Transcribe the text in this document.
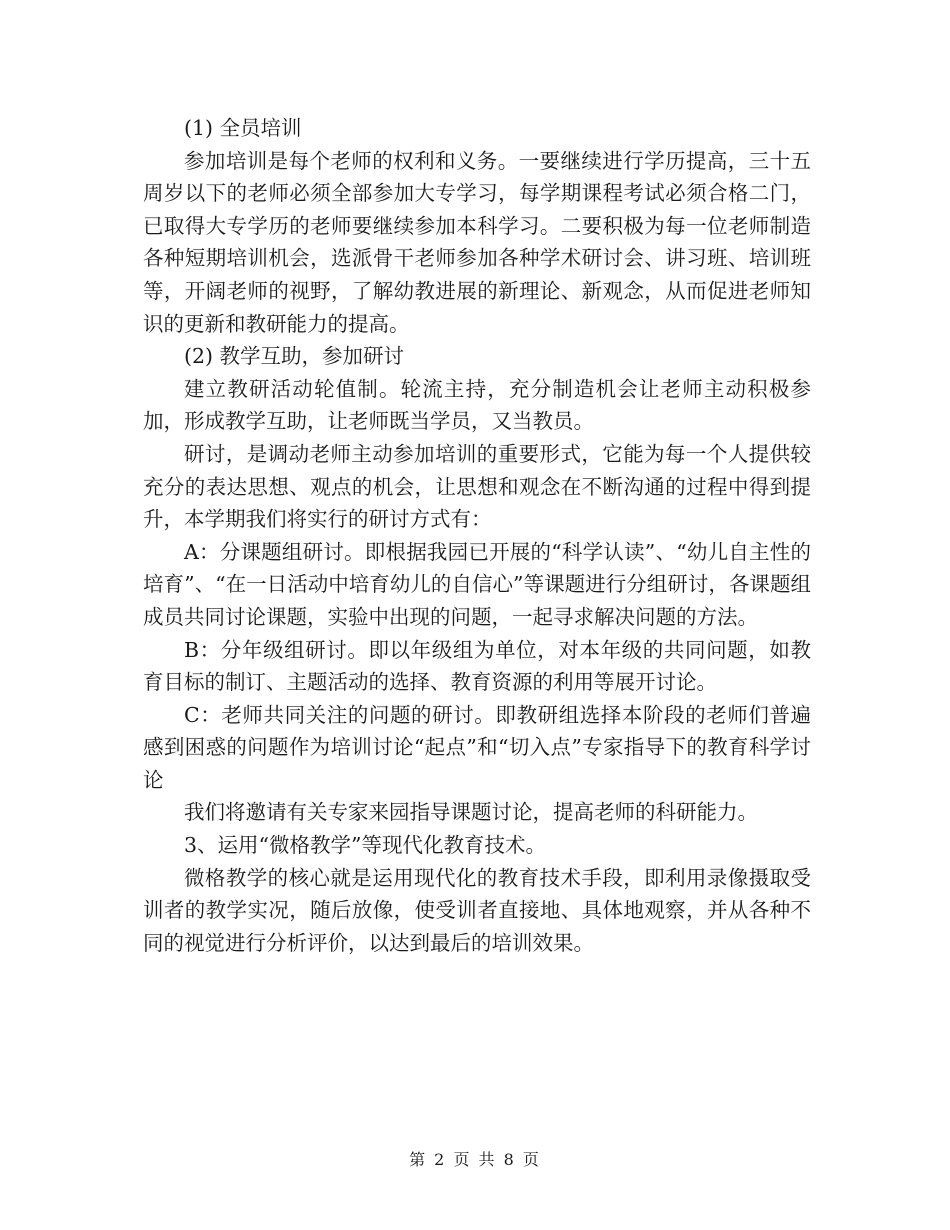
(1) 全员培训

参加培训是每个老师的权利和义务。一要继续进行学历提高，三十五周岁以下的老师必须全部参加大专学习，每学期课程考试必须合格二门，已取得大专学历的老师要继续参加本科学习。二要积极为每一位老师制造各种短期培训机会，选派骨干老师参加各种学术研讨会、讲习班、培训班等，开阔老师的视野，了解幼教进展的新理论、新观念，从而促进老师知识的更新和教研能力的提高。

(2) 教学互助，参加研讨

建立教研活动轮值制。轮流主持，充分制造机会让老师主动积极参加，形成教学互助，让老师既当学员，又当教员。

研讨，是调动老师主动参加培训的重要形式，它能为每一个人提供较充分的表达思想、观点的机会，让思想和观念在不断沟通的过程中得到提升，本学期我们将实行的研讨方式有：

A：分课题组研讨。即根据我园已开展的“科学认读”、“幼儿自主性的培育”、“在一日活动中培育幼儿的自信心”等课题进行分组研讨，各课题组成员共同讨论课题，实验中出现的问题，一起寻求解决问题的方法。

B：分年级组研讨。即以年级组为单位，对本年级的共同问题，如教育目标的制订、主题活动的选择、教育资源的利用等展开讨论。

C：老师共同关注的问题的研讨。即教研组选择本阶段的老师们普遍感到困惑的问题作为培训讨论“起点”和“切入点”专家指导下的教育科学讨论

我们将邀请有关专家来园指导课题讨论，提高老师的科研能力。

3、运用“微格教学”等现代化教育技术。

微格教学的核心就是运用现代化的教育技术手段，即利用录像摄取受训者的教学实况，随后放像，使受训者直接地、具体地观察，并从各种不同的视觉进行分析评价，以达到最后的培训效果。

第 2 页 共 8 页
